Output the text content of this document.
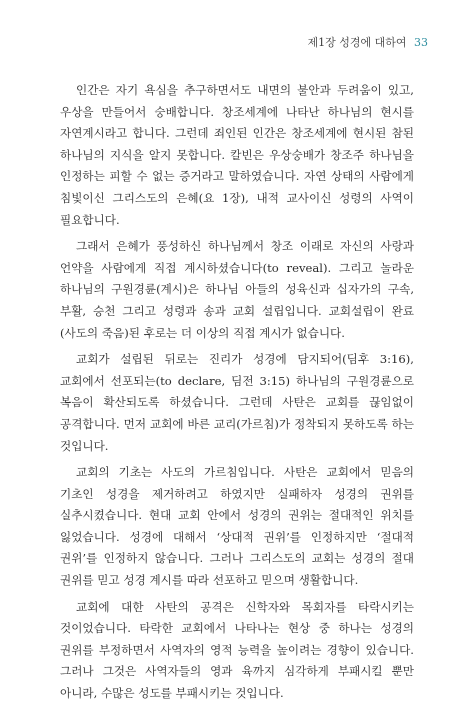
제1장 성경에 대하여 33

인간은 자기 욕심을 추구하면서도 내면의 불안과 두려움이 있고, 우상을 만들어서 숭배합니다. 창조세계에 나타난 하나님의 현시를 자연계시라고 합니다. 그런데 죄인된 인간은 창조세계에 현시된 참된 하나님의 지식을 알지 못합니다. 칼빈은 우상숭배가 창조주 하나님을 인정하는 피할 수 없는 증거라고 말하였습니다. 자연 상태의 사람에게 침빛이신 그리스도의 은혜(요 1장), 내적 교사이신 성령의 사역이 필요합니다.

그래서 은혜가 풍성하신 하나님께서 창조 이래로 자신의 사랑과 언약을 사람에게 직접 계시하셨습니다(to reveal). 그리고 놀라운 하나님의 구원경륜(계시)은 하나님 아들의 성육신과 십자가의 구속, 부활, 승천 그리고 성령과 송과 교회 설립입니다. 교회설립이 완료(사도의 죽음)된 후로는 더 이상의 직접 계시가 없습니다.

교회가 설립된 뒤로는 진리가 성경에 담지되어(딤후 3:16), 교회에서 선포되는(to declare, 딤전 3:15) 하나님의 구원경륜으로 복음이 확산되도록 하셨습니다. 그런데 사탄은 교회를 끊임없이 공격합니다. 먼저 교회에 바른 교리(가르침)가 정착되지 못하도록 하는 것입니다.

교회의 기초는 사도의 가르침입니다. 사탄은 교회에서 믿음의 기초인 성경을 제거하려고 하였지만 실패하자 성경의 권위를 실추시켰습니다. 현대 교회 안에서 성경의 권위는 절대적인 위치를 잃었습니다. 성경에 대해서 ‘상대적 권위’를 인정하지만 ‘절대적 권위’를 인정하지 않습니다. 그러나 그리스도의 교회는 성경의 절대 권위를 믿고 성경 계시를 따라 선포하고 믿으며 생활합니다.

교회에 대한 사탄의 공격은 신학자와 목회자를 타락시키는 것이었습니다. 타락한 교회에서 나타나는 현상 중 하나는 성경의 권위를 부정하면서 사역자의 영적 능력을 높이려는 경향이 있습니다. 그러나 그것은 사역자들의 영과 육까지 심각하게 부패시킬 뿐만 아니라, 수많은 성도를 부패시키는 것입니다.
